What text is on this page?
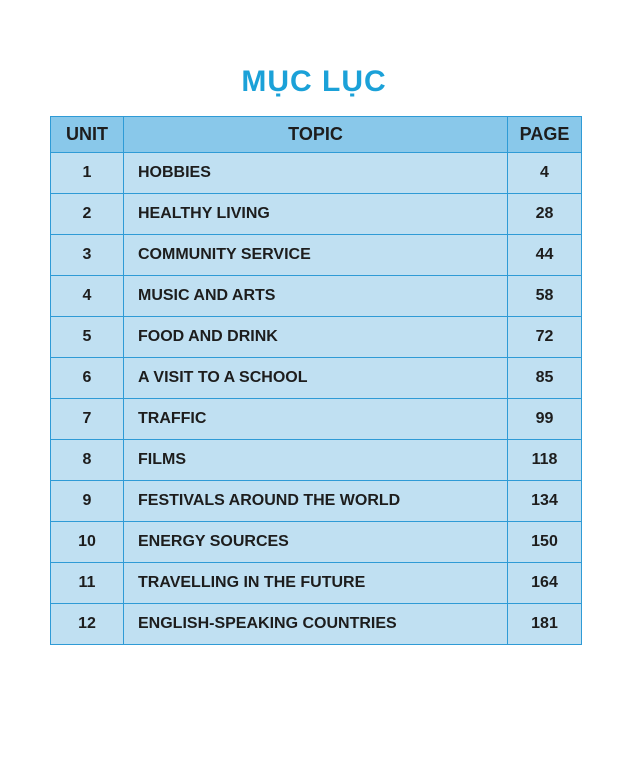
MỤC LỤC
UNIT	TOPIC	PAGE
1	HOBBIES	4
2	HEALTHY LIVING	28
3	COMMUNITY SERVICE	44
4	MUSIC AND ARTS	58
5	FOOD AND DRINK	72
6	A VISIT TO A SCHOOL	85
7	TRAFFIC	99
8	FILMS	118
9	FESTIVALS AROUND THE WORLD	134
10	ENERGY SOURCES	150
11	TRAVELLING IN THE FUTURE	164
12	ENGLISH-SPEAKING COUNTRIES	181
